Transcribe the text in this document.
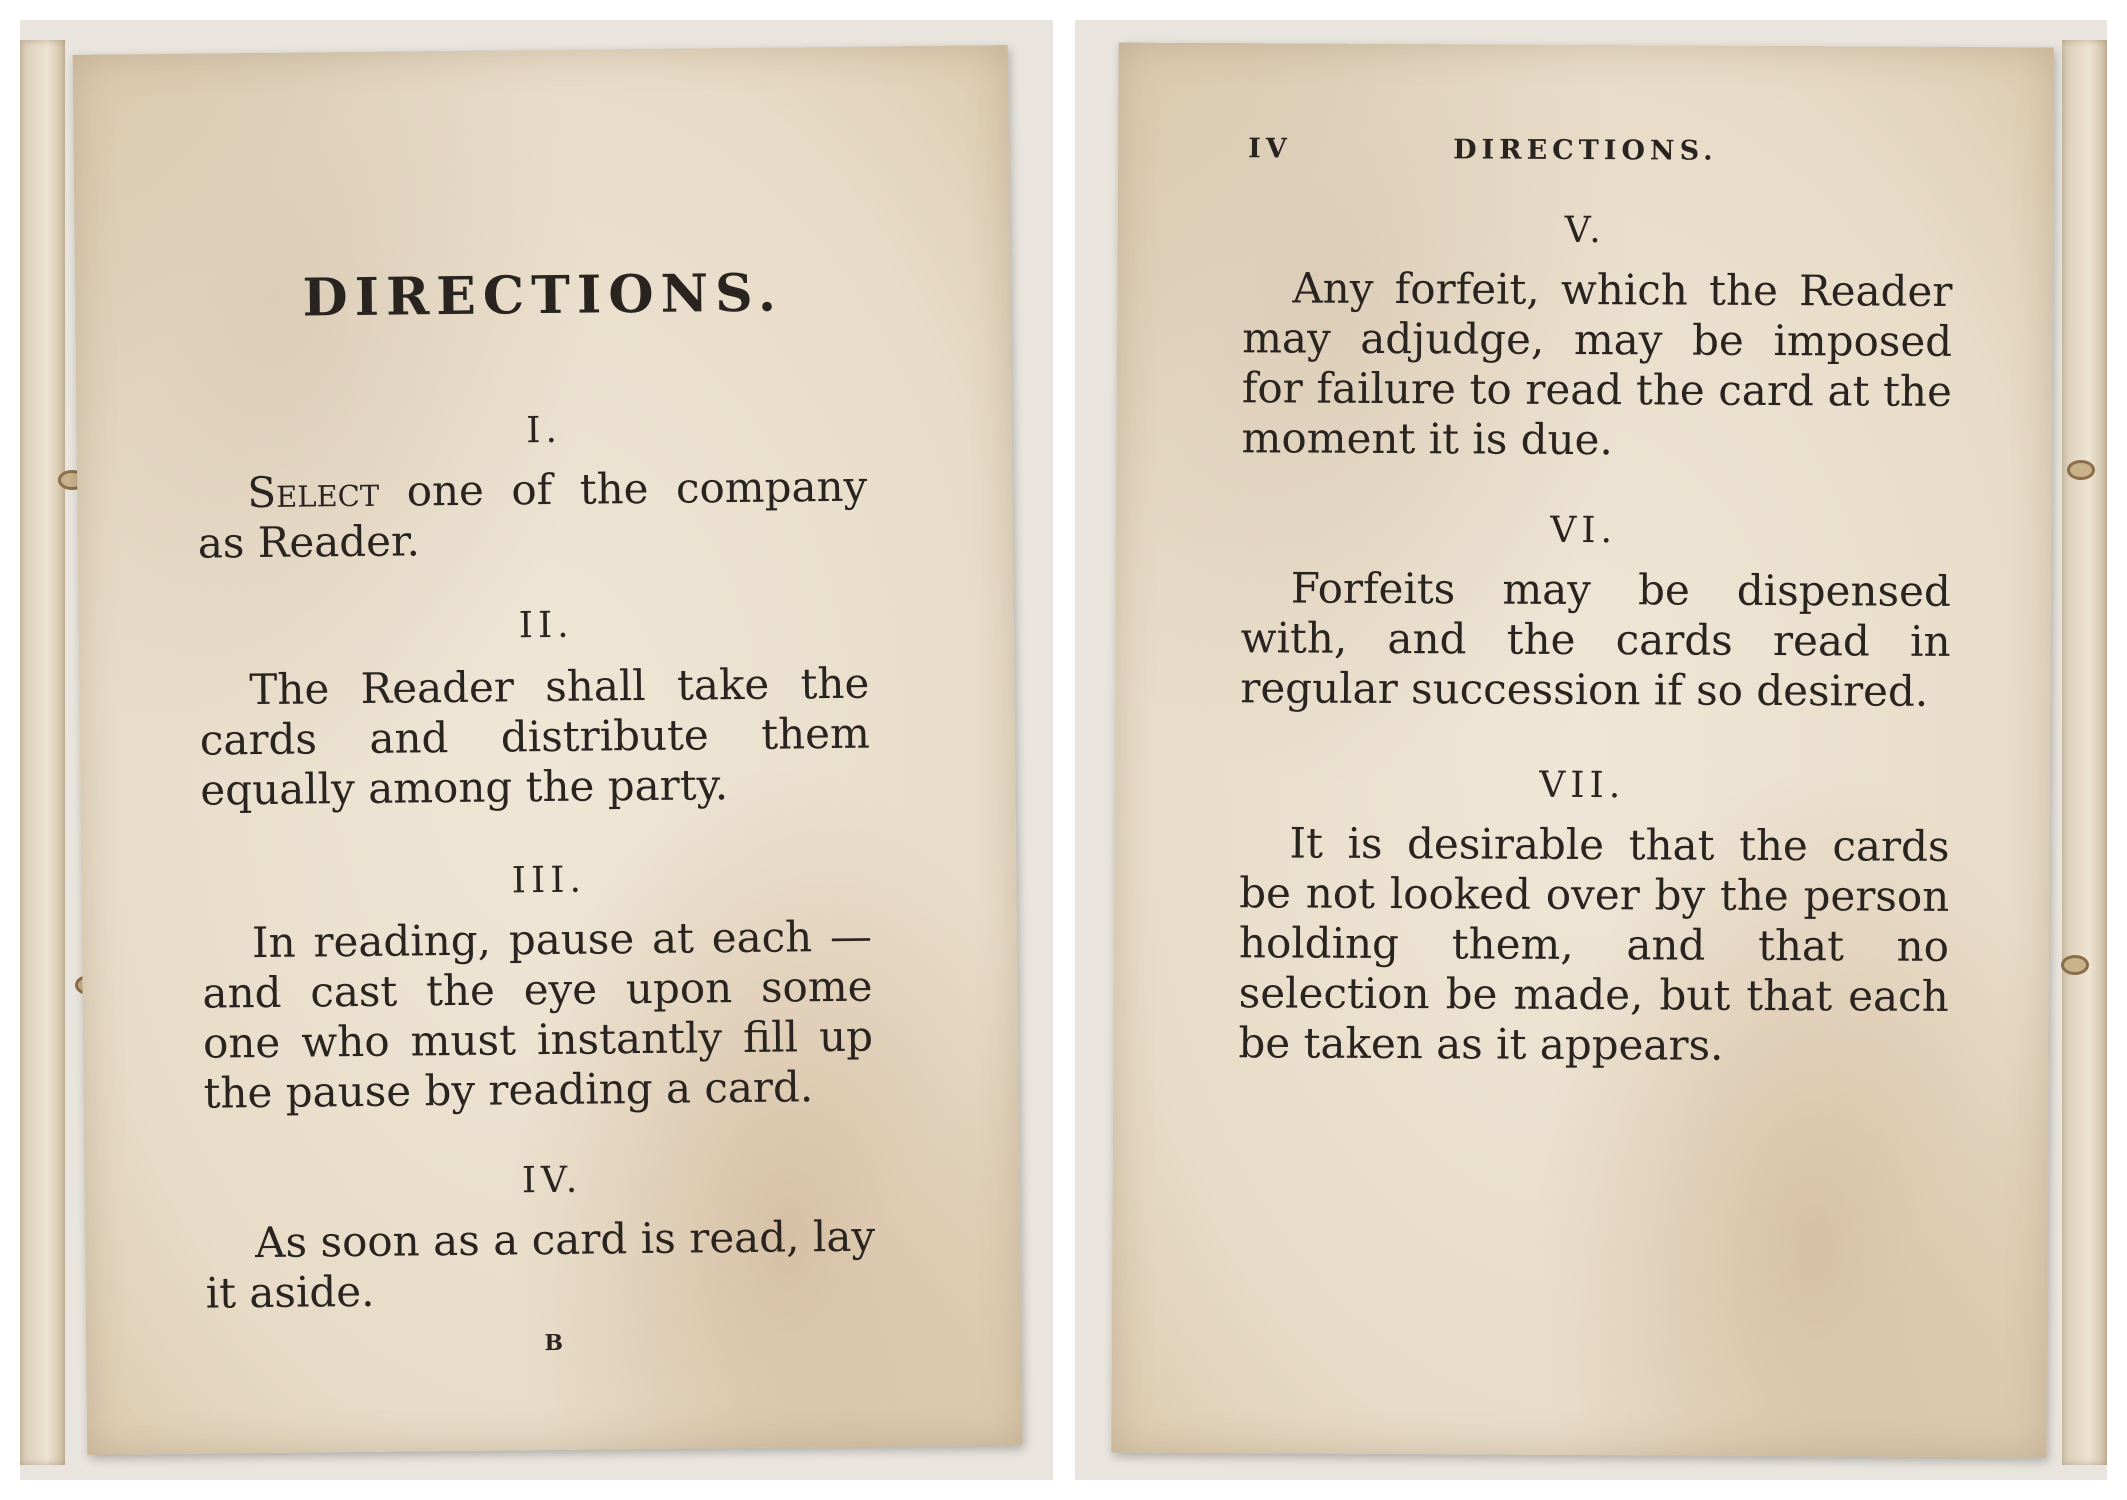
DIRECTIONS.
I.
Select one of the company as Reader.
II.
The Reader shall take the cards and distribute them equally among the party.
III.
In reading, pause at each — and cast the eye upon some one who must instantly fill up the pause by reading a card.
IV.
As soon as a card is read, lay it aside.
B
IV	DIRECTIONS.
V.
Any forfeit, which the Reader may adjudge, may be imposed for failure to read the card at the moment it is due.
VI.
Forfeits may be dispensed with, and the cards read in regular succession if so desired.
VII.
It is desirable that the cards be not looked over by the person holding them, and that no selection be made, but that each be taken as it appears.
